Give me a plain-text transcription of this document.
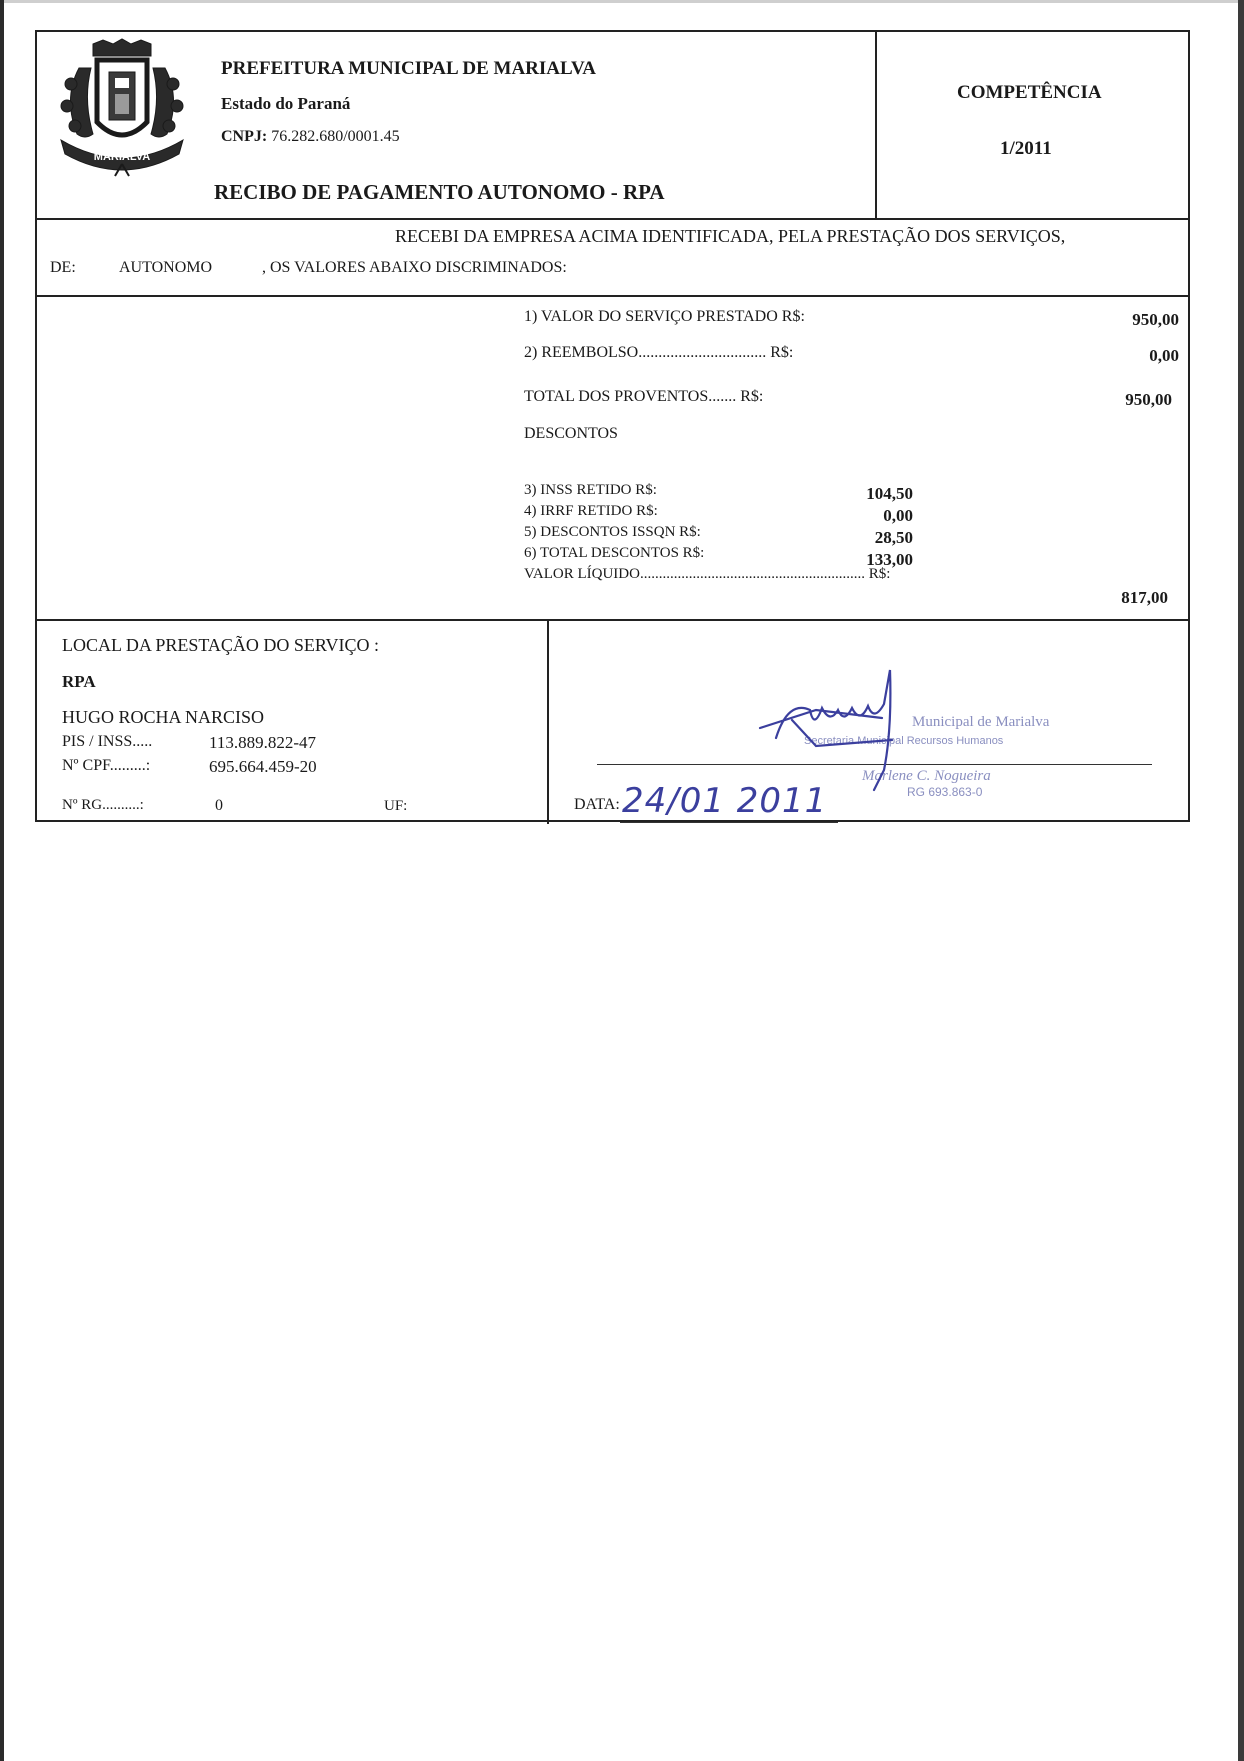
MARIALVA
PREFEITURA MUNICIPAL DE MARIALVA
Estado do Paraná
CNPJ: 76.282.680/0001.45
RECIBO DE PAGAMENTO AUTONOMO - RPA
COMPETÊNCIA
1/2011
RECEBI DA EMPRESA ACIMA IDENTIFICADA, PELA PRESTAÇÃO DOS SERVIÇOS,
DE:	AUTONOMO	, OS VALORES ABAIXO DISCRIMINADOS:
1) VALOR DO SERVIÇO PRESTADO R$:	950,00
2) REEMBOLSO................................ R$:	0,00
TOTAL DOS PROVENTOS....... R$:	950,00
DESCONTOS
3) INSS RETIDO R$:	104,50
4) IRRF RETIDO R$:	0,00
5) DESCONTOS ISSQN R$:	28,50
6) TOTAL DESCONTOS R$:	133,00
VALOR LÍQUIDO............................................................ R$:
817,00
LOCAL DA PRESTAÇÃO DO SERVIÇO :
RPA
HUGO ROCHA NARCISO
PIS / INSS.....	113.889.822-47
Nº CPF.........:	695.664.459-20
Nº RG..........:	0	UF:	DATA: 24/01 2011
Municipal de Marialva
Secretaria Municipal Recursos Humanos
Marlene C. Nogueira
RG 693.863-0
